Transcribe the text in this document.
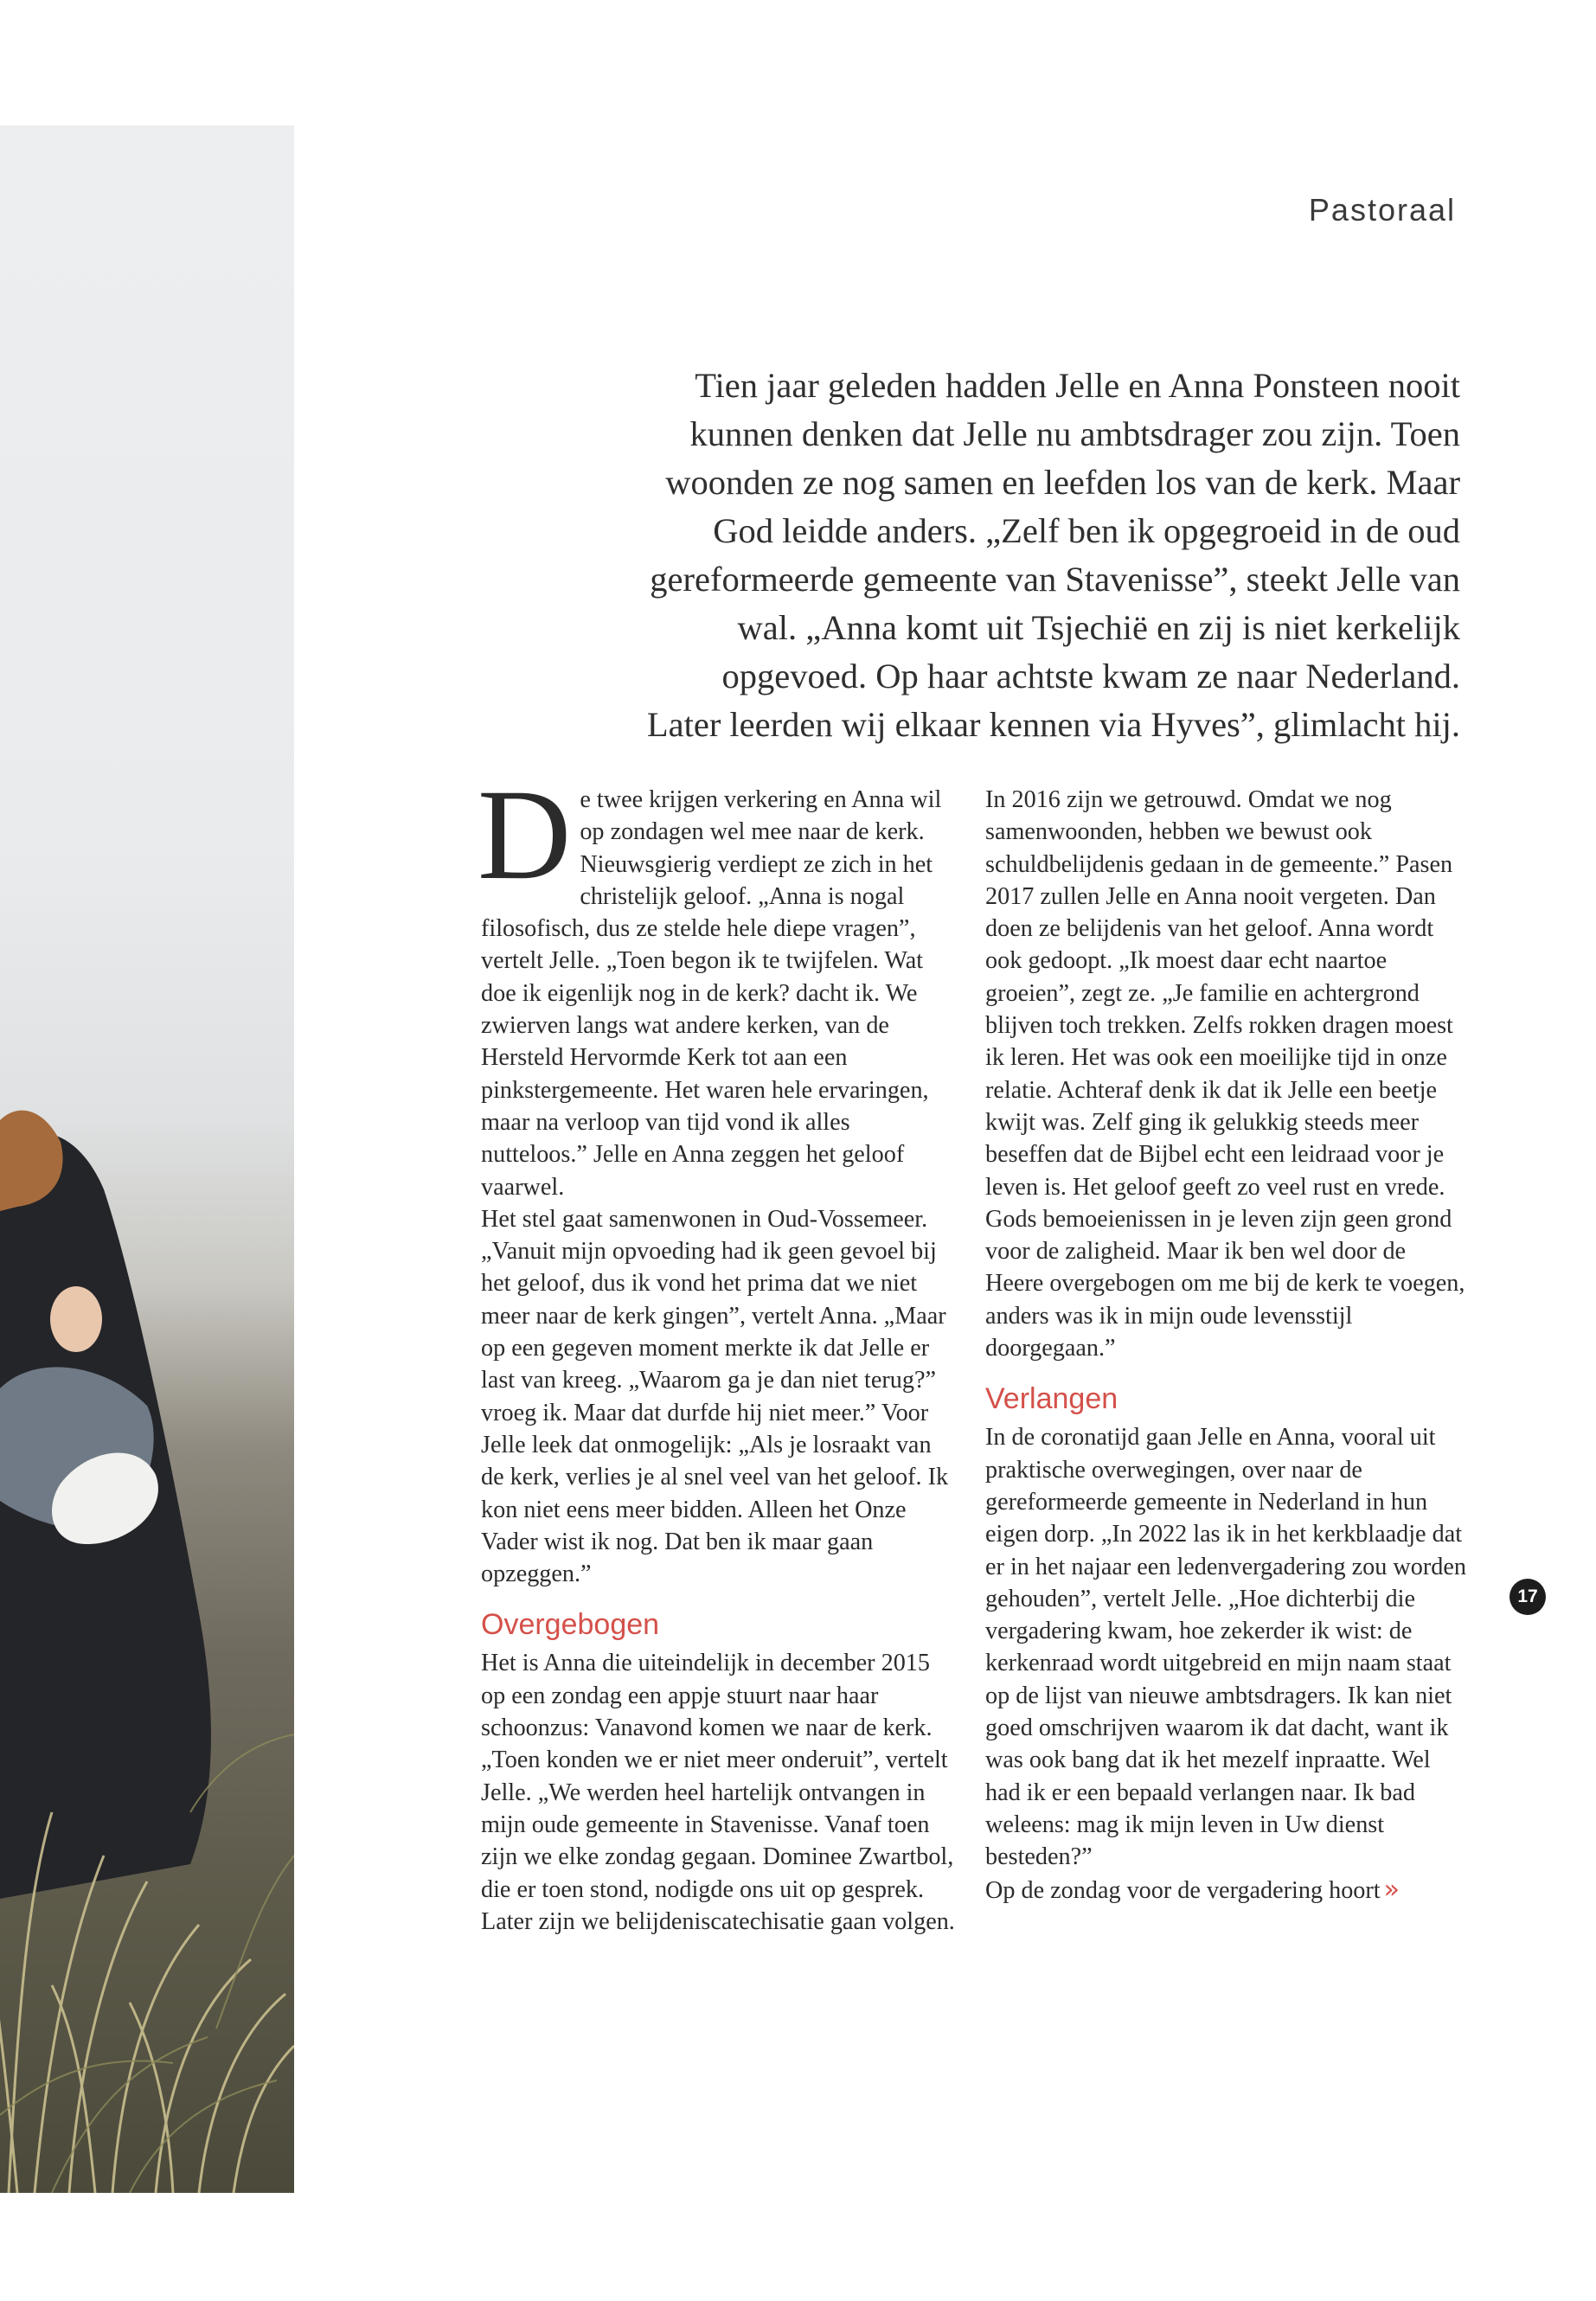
Pastoraal

Tien jaar geleden hadden Jelle en Anna Ponsteen nooit kunnen denken dat Jelle nu ambtsdrager zou zijn. Toen woonden ze nog samen en leefden los van de kerk. Maar God leidde anders. „Zelf ben ik opgegroeid in de oud gereformeerde gemeente van Stavenisse”, steekt Jelle van wal. „Anna komt uit Tsjechië en zij is niet kerkelijk opgevoed. Op haar achtste kwam ze naar Nederland. Later leerden wij elkaar kennen via Hyves”, glimlacht hij.

De twee krijgen verkering en Anna wil op zondagen wel mee naar de kerk. Nieuwsgierig verdiept ze zich in het christelijk geloof. „Anna is nogal filosofisch, dus ze stelde hele diepe vragen”, vertelt Jelle. „Toen begon ik te twijfelen. Wat doe ik eigenlijk nog in de kerk? dacht ik. We zwierven langs wat andere kerken, van de Hersteld Hervormde Kerk tot aan een pinkstergemeente. Het waren hele ervaringen, maar na verloop van tijd vond ik alles nutteloos.” Jelle en Anna zeggen het geloof vaarwel.

Het stel gaat samenwonen in Oud-Vossemeer. „Vanuit mijn opvoeding had ik geen gevoel bij het geloof, dus ik vond het prima dat we niet meer naar de kerk gingen”, vertelt Anna. „Maar op een gegeven moment merkte ik dat Jelle er last van kreeg. „Waarom ga je dan niet terug?” vroeg ik. Maar dat durfde hij niet meer.” Voor Jelle leek dat onmogelijk: „Als je losraakt van de kerk, verlies je al snel veel van het geloof. Ik kon niet eens meer bidden. Alleen het Onze Vader wist ik nog. Dat ben ik maar gaan opzeggen.”

Overgebogen

Het is Anna die uiteindelijk in december 2015 op een zondag een appje stuurt naar haar schoonzus: Vanavond komen we naar de kerk.

„Toen konden we er niet meer onderuit”, vertelt Jelle. „We werden heel hartelijk ontvangen in mijn oude gemeente in Stavenisse. Vanaf toen zijn we elke zondag gegaan. Dominee Zwartbol, die er toen stond, nodigde ons uit op gesprek. Later zijn we belijdeniscatechisatie gaan volgen.

In 2016 zijn we getrouwd. Omdat we nog samenwoonden, hebben we bewust ook schuldbelijdenis gedaan in de gemeente.” Pasen 2017 zullen Jelle en Anna nooit vergeten. Dan doen ze belijdenis van het geloof. Anna wordt ook gedoopt. „Ik moest daar echt naartoe groeien”, zegt ze. „Je familie en achtergrond blijven toch trekken. Zelfs rokken dragen moest ik leren. Het was ook een moeilijke tijd in onze relatie. Achteraf denk ik dat ik Jelle een beetje kwijt was. Zelf ging ik gelukkig steeds meer beseffen dat de Bijbel echt een leidraad voor je leven is. Het geloof geeft zo veel rust en vrede. Gods bemoeienissen in je leven zijn geen grond voor de zaligheid. Maar ik ben wel door de Heere overgebogen om me bij de kerk te voegen, anders was ik in mijn oude levensstijl doorgegaan.”

Verlangen

In de coronatijd gaan Jelle en Anna, vooral uit praktische overwegingen, over naar de gereformeerde gemeente in Nederland in hun eigen dorp. „In 2022 las ik in het kerkblaadje dat er in het najaar een ledenvergadering zou worden gehouden”, vertelt Jelle. „Hoe dichterbij die vergadering kwam, hoe zekerder ik wist: de kerkenraad wordt uitgebreid en mijn naam staat op de lijst van nieuwe ambtsdragers. Ik kan niet goed omschrijven waarom ik dat dacht, want ik was ook bang dat ik het mezelf inpraatte. Wel had ik er een bepaald verlangen naar. Ik bad weleens: mag ik mijn leven in Uw dienst besteden?”

Op de zondag voor de vergadering hoort »

17
